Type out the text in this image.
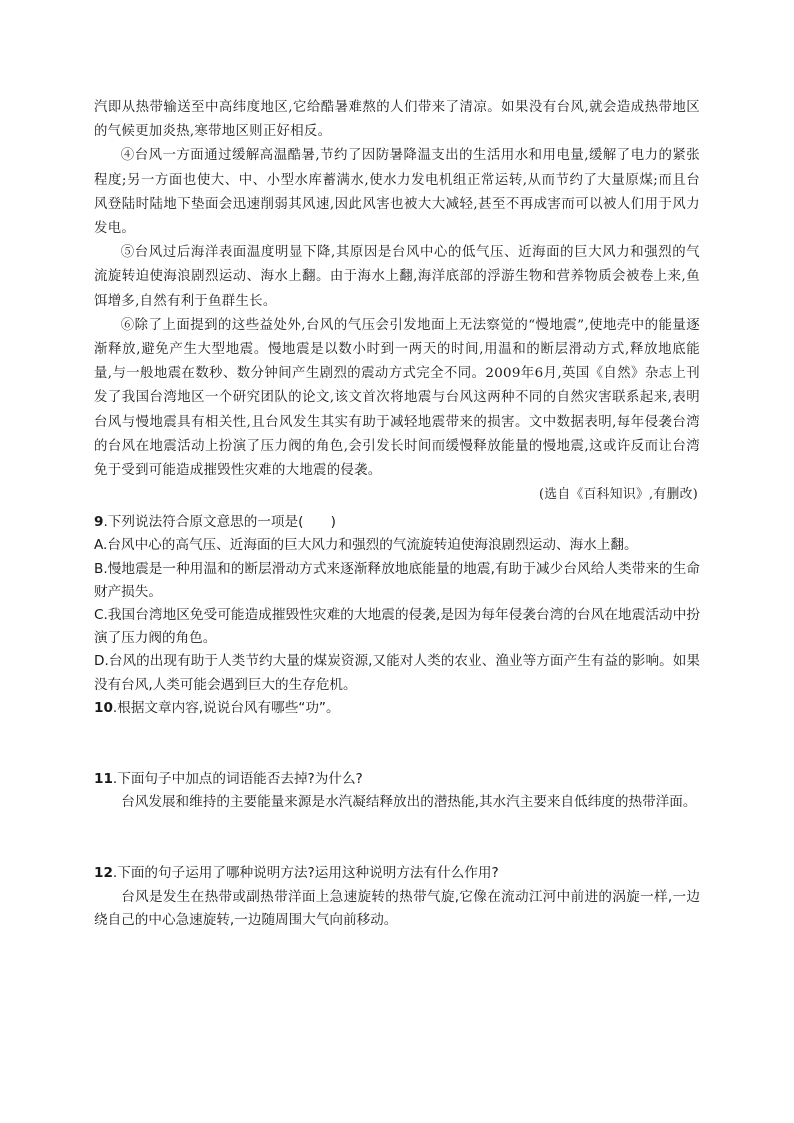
汽即从热带输送至中高纬度地区,它给酷暑难熬的人们带来了清凉。如果没有台风,就会造成热带地区的气候更加炎热,寒带地区则正好相反。

④台风一方面通过缓解高温酷暑,节约了因防暑降温支出的生活用水和用电量,缓解了电力的紧张程度;另一方面也使大、中、小型水库蓄满水,使水力发电机组正常运转,从而节约了大量原煤;而且台风登陆时陆地下垫面会迅速削弱其风速,因此风害也被大大减轻,甚至不再成害而可以被人们用于风力发电。

⑤台风过后海洋表面温度明显下降,其原因是台风中心的低气压、近海面的巨大风力和强烈的气流旋转迫使海浪剧烈运动、海水上翻。由于海水上翻,海洋底部的浮游生物和营养物质会被卷上来,鱼饵增多,自然有利于鱼群生长。

⑥除了上面提到的这些益处外,台风的气压会引发地面上无法察觉的“慢地震”,使地壳中的能量逐渐释放,避免产生大型地震。慢地震是以数小时到一两天的时间,用温和的断层滑动方式,释放地底能量,与一般地震在数秒、数分钟间产生剧烈的震动方式完全不同。2009年6月,英国《自然》杂志上刊发了我国台湾地区一个研究团队的论文,该文首次将地震与台风这两种不同的自然灾害联系起来,表明台风与慢地震具有相关性,且台风发生其实有助于减轻地震带来的损害。文中数据表明,每年侵袭台湾的台风在地震活动上扮演了压力阀的角色,会引发长时间而缓慢释放能量的慢地震,这或许反而让台湾免于受到可能造成摧毁性灾难的大地震的侵袭。

(选自《百科知识》,有删改)

9.下列说法符合原文意思的一项是(　　)

A.台风中心的高气压、近海面的巨大风力和强烈的气流旋转迫使海浪剧烈运动、海水上翻。

B.慢地震是一种用温和的断层滑动方式来逐渐释放地底能量的地震,有助于减少台风给人类带来的生命财产损失。

C.我国台湾地区免受可能造成摧毁性灾难的大地震的侵袭,是因为每年侵袭台湾的台风在地震活动中扮演了压力阀的角色。

D.台风的出现有助于人类节约大量的煤炭资源,又能对人类的农业、渔业等方面产生有益的影响。如果没有台风,人类可能会遇到巨大的生存危机。

10.根据文章内容,说说台风有哪些“功”。

11.下面句子中加点的词语能否去掉?为什么?

台风发展和维持的主要能量来源是水汽凝结释放出的潜热能,其水汽主要来自低纬度的热带洋面。

12.下面的句子运用了哪种说明方法?运用这种说明方法有什么作用?

台风是发生在热带或副热带洋面上急速旋转的热带气旋,它像在流动江河中前进的涡旋一样,一边绕自己的中心急速旋转,一边随周围大气向前移动。
